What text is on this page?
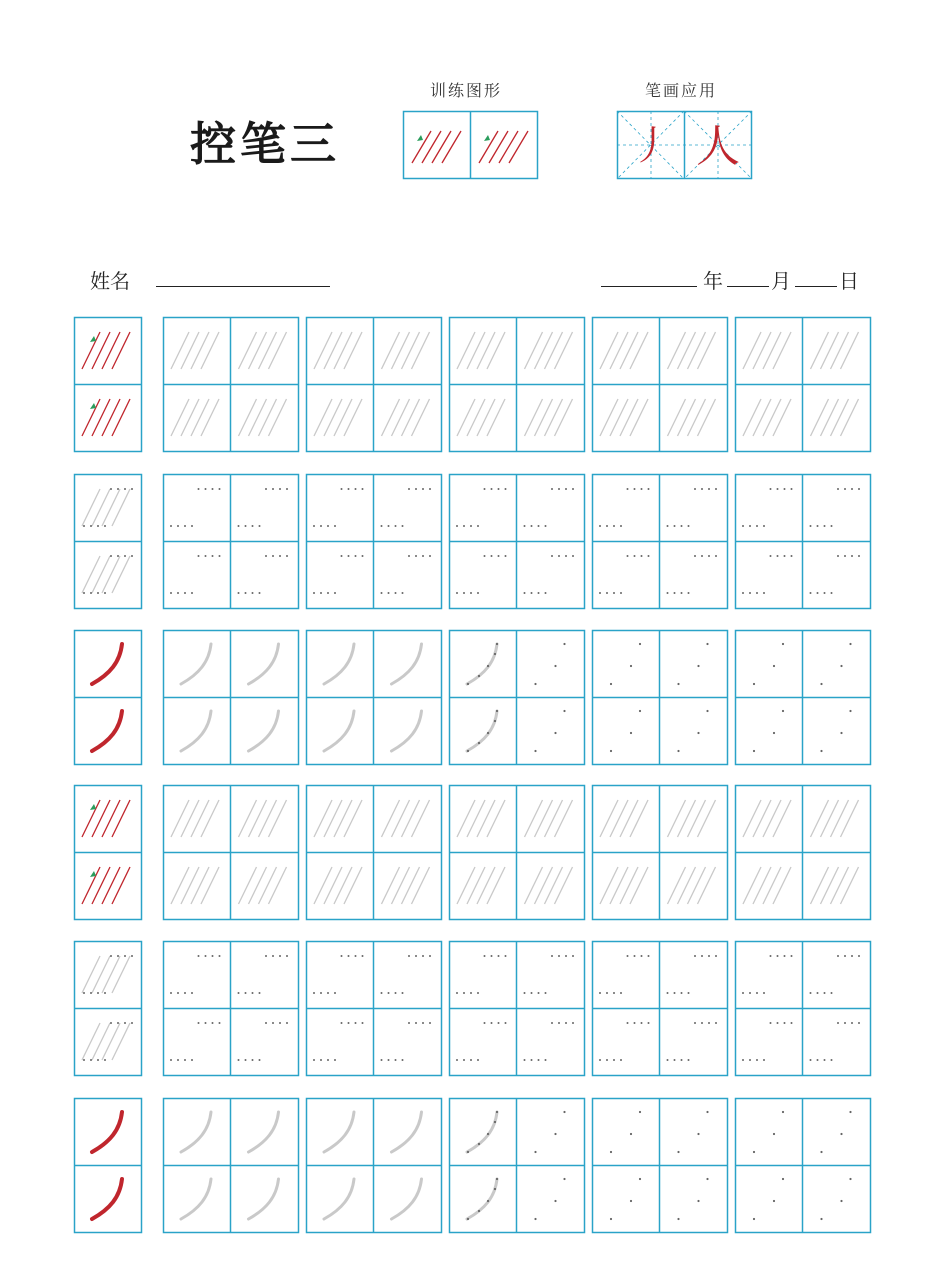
控笔三
训练图形	笔画应用
丿 人
姓名	年 月 日
